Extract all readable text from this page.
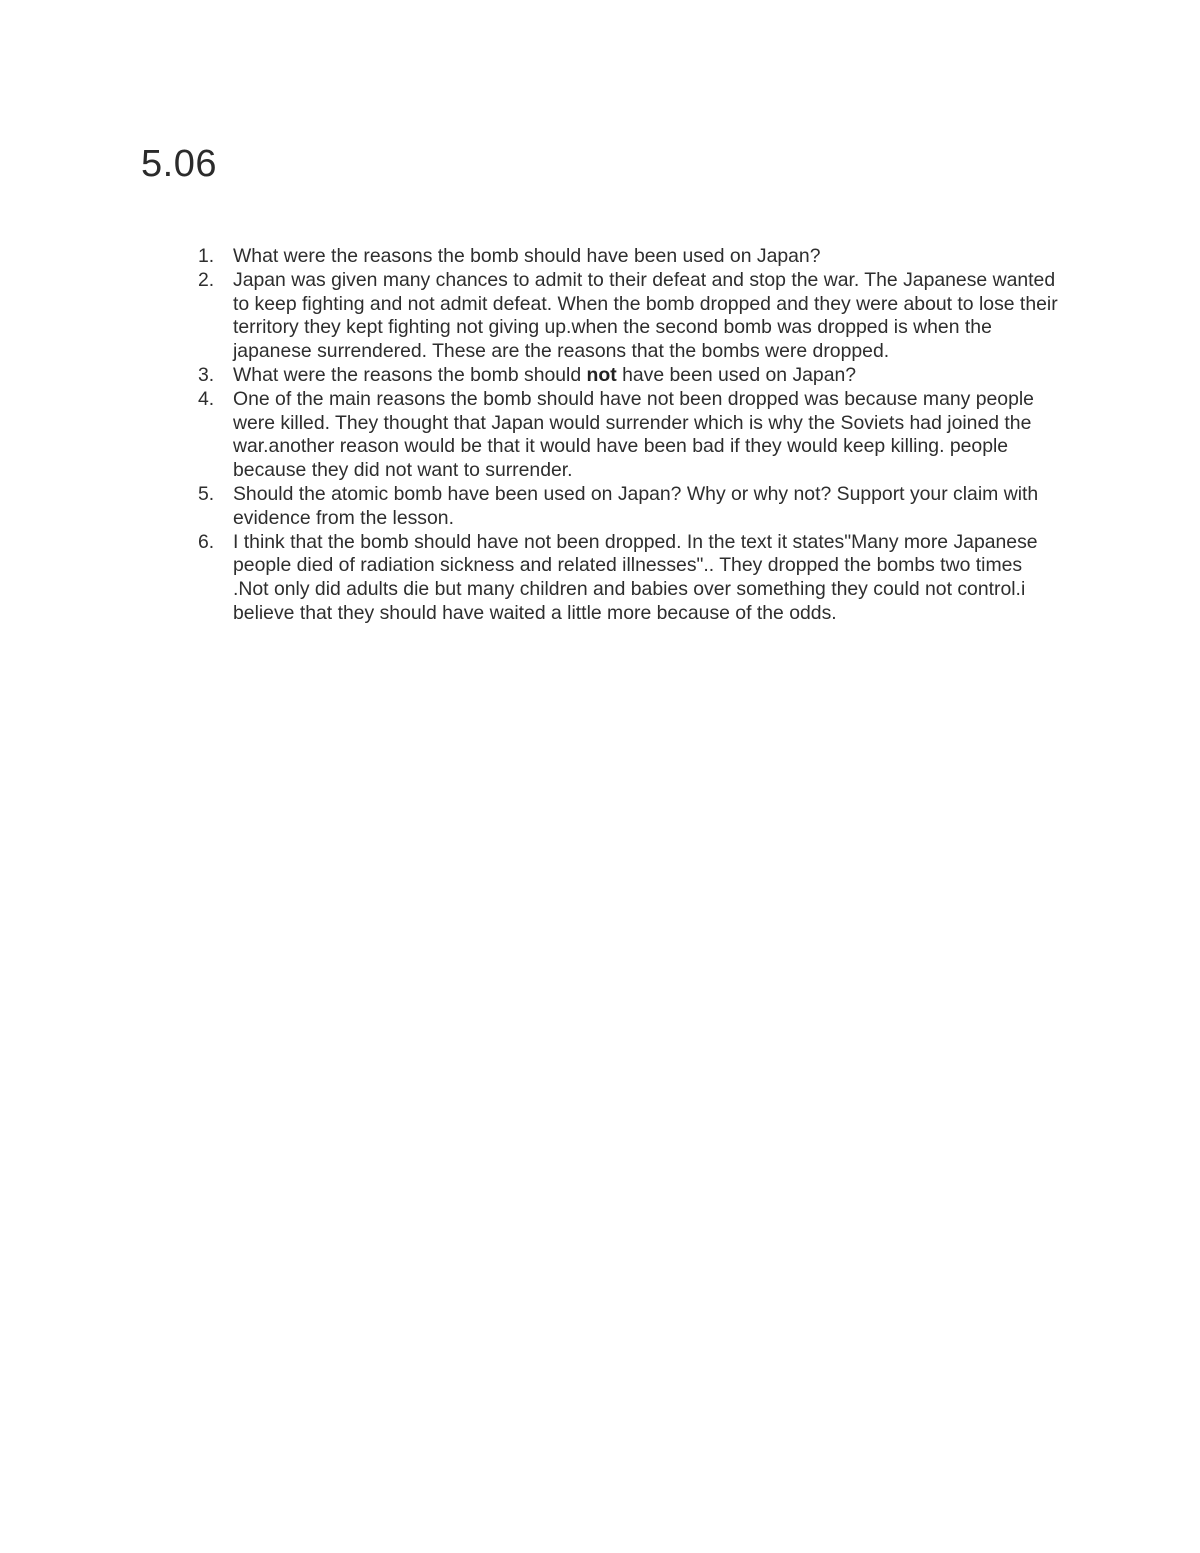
5.06
1. What were the reasons the bomb should have been used on Japan?
2. Japan was given many chances to admit to their defeat and stop the war. The Japanese wanted to keep fighting and not admit defeat. When the bomb dropped and they were about to lose their territory they kept fighting not giving up.when the second bomb was dropped is when the japanese surrendered. These are the reasons that the bombs were dropped.
3. What were the reasons the bomb should not have been used on Japan?
4. One of the main reasons the bomb should have not been dropped was because many people were killed. They thought that Japan would surrender which is why the Soviets had joined the war.another reason would be that it would have been bad if they would keep killing. people because they did not want to surrender.
5. Should the atomic bomb have been used on Japan? Why or why not? Support your claim with evidence from the lesson.
6. I think that the bomb should have not been dropped. In the text it states"Many more Japanese people died of radiation sickness and related illnesses".. They dropped the bombs two times .Not only did adults die but many children and babies over something they could not control.i believe that they should have waited a little more because of the odds.
